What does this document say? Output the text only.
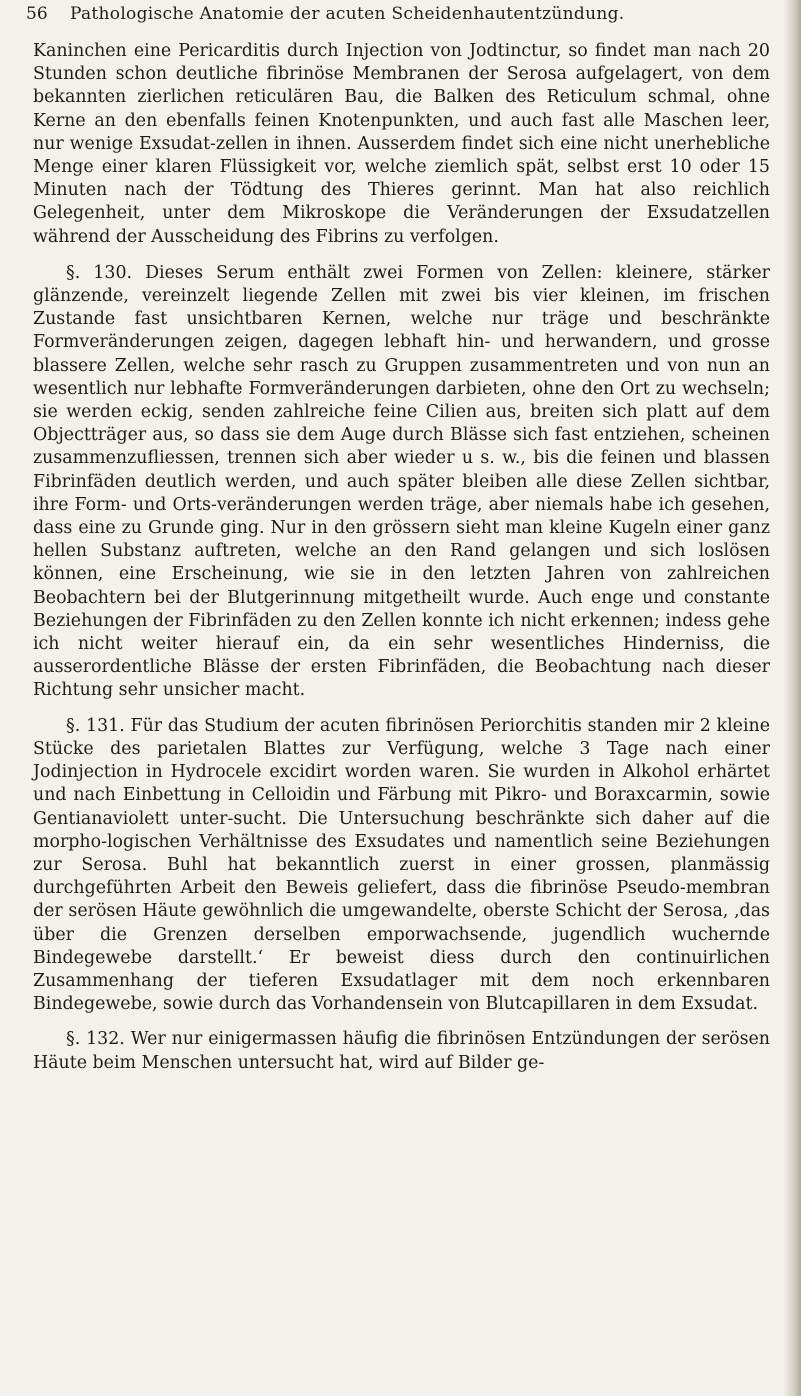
56 Pathologische Anatomie der acuten Scheidenhautentzündung.

Kaninchen eine Pericarditis durch Injection von Jodtinctur, so findet man nach 20 Stunden schon deutliche fibrinöse Membranen der Serosa aufgelagert, von dem bekannten zierlichen reticulären Bau, die Balken des Reticulum schmal, ohne Kerne an den ebenfalls feinen Knotenpunkten, und auch fast alle Maschen leer, nur wenige Exsudat-zellen in ihnen. Ausserdem findet sich eine nicht unerhebliche Menge einer klaren Flüssigkeit vor, welche ziemlich spät, selbst erst 10 oder 15 Minuten nach der Tödtung des Thieres gerinnt. Man hat also reichlich Gelegenheit, unter dem Mikroskope die Veränderungen der Exsudatzellen während der Ausscheidung des Fibrins zu verfolgen.

§. 130. Dieses Serum enthält zwei Formen von Zellen: kleinere, stärker glänzende, vereinzelt liegende Zellen mit zwei bis vier kleinen, im frischen Zustande fast unsichtbaren Kernen, welche nur träge und beschränkte Formveränderungen zeigen, dagegen lebhaft hin- und herwandern, und grosse blassere Zellen, welche sehr rasch zu Gruppen zusammentreten und von nun an wesentlich nur lebhafte Formveränderungen darbieten, ohne den Ort zu wechseln; sie werden eckig, senden zahlreiche feine Cilien aus, breiten sich platt auf dem Objectträger aus, so dass sie dem Auge durch Blässe sich fast entziehen, scheinen zusammenzufliessen, trennen sich aber wieder u s. w., bis die feinen und blassen Fibrinfäden deutlich werden, und auch später bleiben alle diese Zellen sichtbar, ihre Form- und Orts-veränderungen werden träge, aber niemals habe ich gesehen, dass eine zu Grunde ging. Nur in den grössern sieht man kleine Kugeln einer ganz hellen Substanz auftreten, welche an den Rand gelangen und sich loslösen können, eine Erscheinung, wie sie in den letzten Jahren von zahlreichen Beobachtern bei der Blutgerinnung mitgetheilt wurde. Auch enge und constante Beziehungen der Fibrinfäden zu den Zellen konnte ich nicht erkennen; indess gehe ich nicht weiter hierauf ein, da ein sehr wesentliches Hinderniss, die ausserordentliche Blässe der ersten Fibrinfäden, die Beobachtung nach dieser Richtung sehr unsicher macht.

§. 131. Für das Studium der acuten fibrinösen Periorchitis standen mir 2 kleine Stücke des parietalen Blattes zur Verfügung, welche 3 Tage nach einer Jodinjection in Hydrocele excidirt worden waren. Sie wurden in Alkohol erhärtet und nach Einbettung in Celloidin und Färbung mit Pikro- und Boraxcarmin, sowie Gentianaviolett unter-sucht. Die Untersuchung beschränkte sich daher auf die morpho-logischen Verhältnisse des Exsudates und namentlich seine Beziehungen zur Serosa. Buhl hat bekanntlich zuerst in einer grossen, planmässig durchgeführten Arbeit den Beweis geliefert, dass die fibrinöse Pseudo-membran der serösen Häute gewöhnlich die umgewandelte, oberste Schicht der Serosa, ‚das über die Grenzen derselben emporwachsende, jugendlich wuchernde Bindegewebe darstellt.‘ Er beweist diess durch den continuirlichen Zusammenhang der tieferen Exsudatlager mit dem noch erkennbaren Bindegewebe, sowie durch das Vorhandensein von Blutcapillaren in dem Exsudat.

§. 132. Wer nur einigermassen häufig die fibrinösen Entzündungen der serösen Häute beim Menschen untersucht hat, wird auf Bilder ge-
